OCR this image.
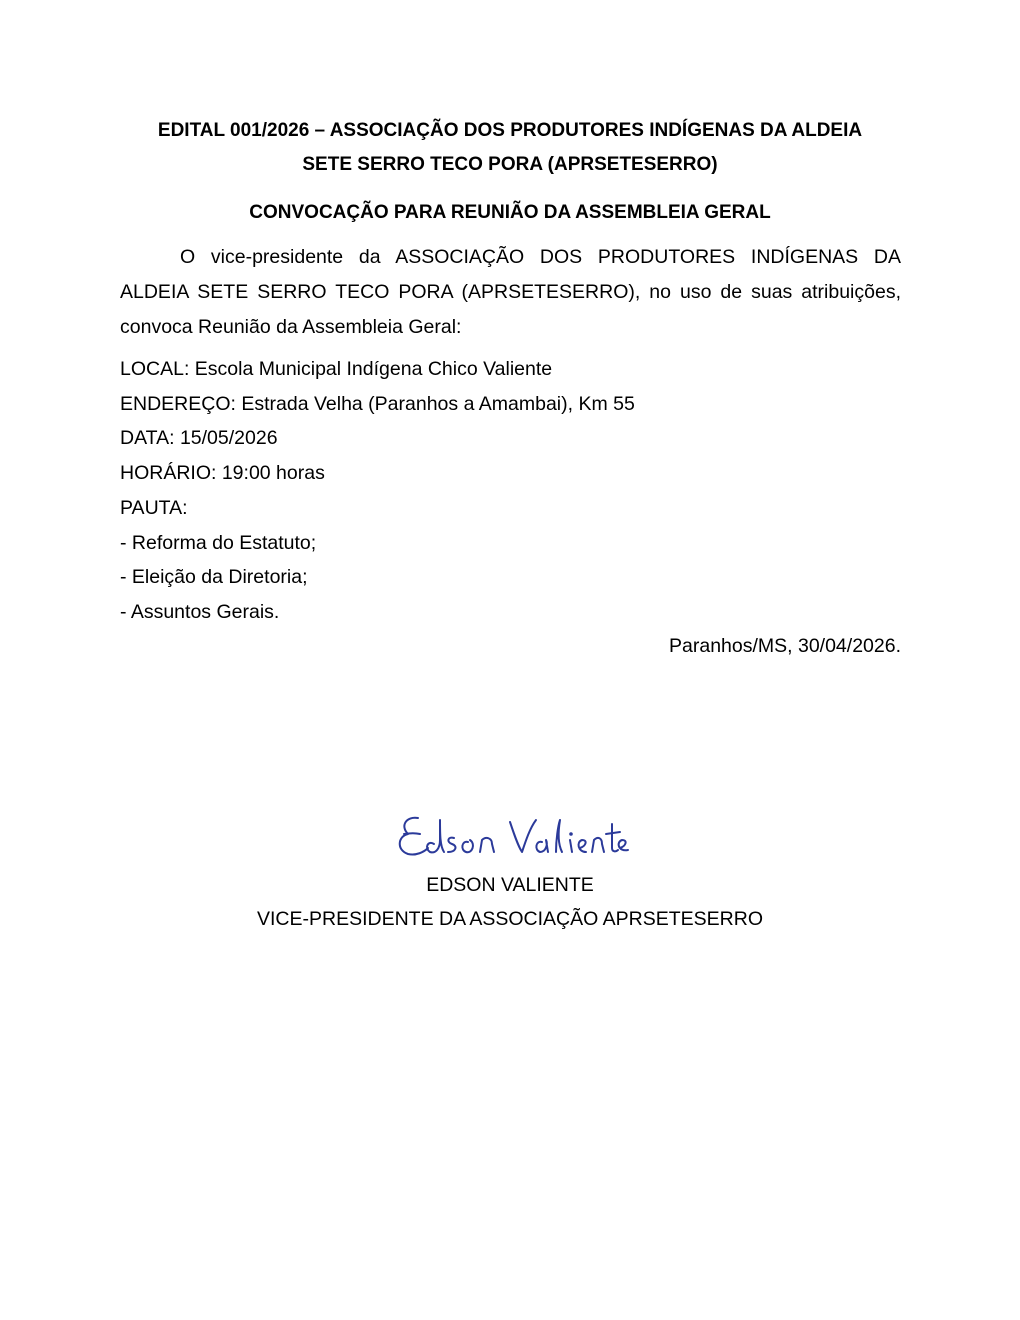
EDITAL 001/2026 – ASSOCIAÇÃO DOS PRODUTORES INDÍGENAS DA ALDEIA
SETE SERRO TECO PORA (APRSETESERRO)

CONVOCAÇÃO PARA REUNIÃO DA ASSEMBLEIA GERAL

O vice-presidente da ASSOCIAÇÃO DOS PRODUTORES INDÍGENAS DA ALDEIA SETE SERRO TECO PORA (APRSETESERRO), no uso de suas atribuições, convoca Reunião da Assembleia Geral:

LOCAL: Escola Municipal Indígena Chico Valiente
ENDEREÇO: Estrada Velha (Paranhos a Amambai), Km 55
DATA: 15/05/2026
HORÁRIO: 19:00 horas
PAUTA:
- Reforma do Estatuto;
- Eleição da Diretoria;
- Assuntos Gerais.

Paranhos/MS, 30/04/2026.

EDSON VALIENTE

VICE-PRESIDENTE DA ASSOCIAÇÃO APRSETESERRO
